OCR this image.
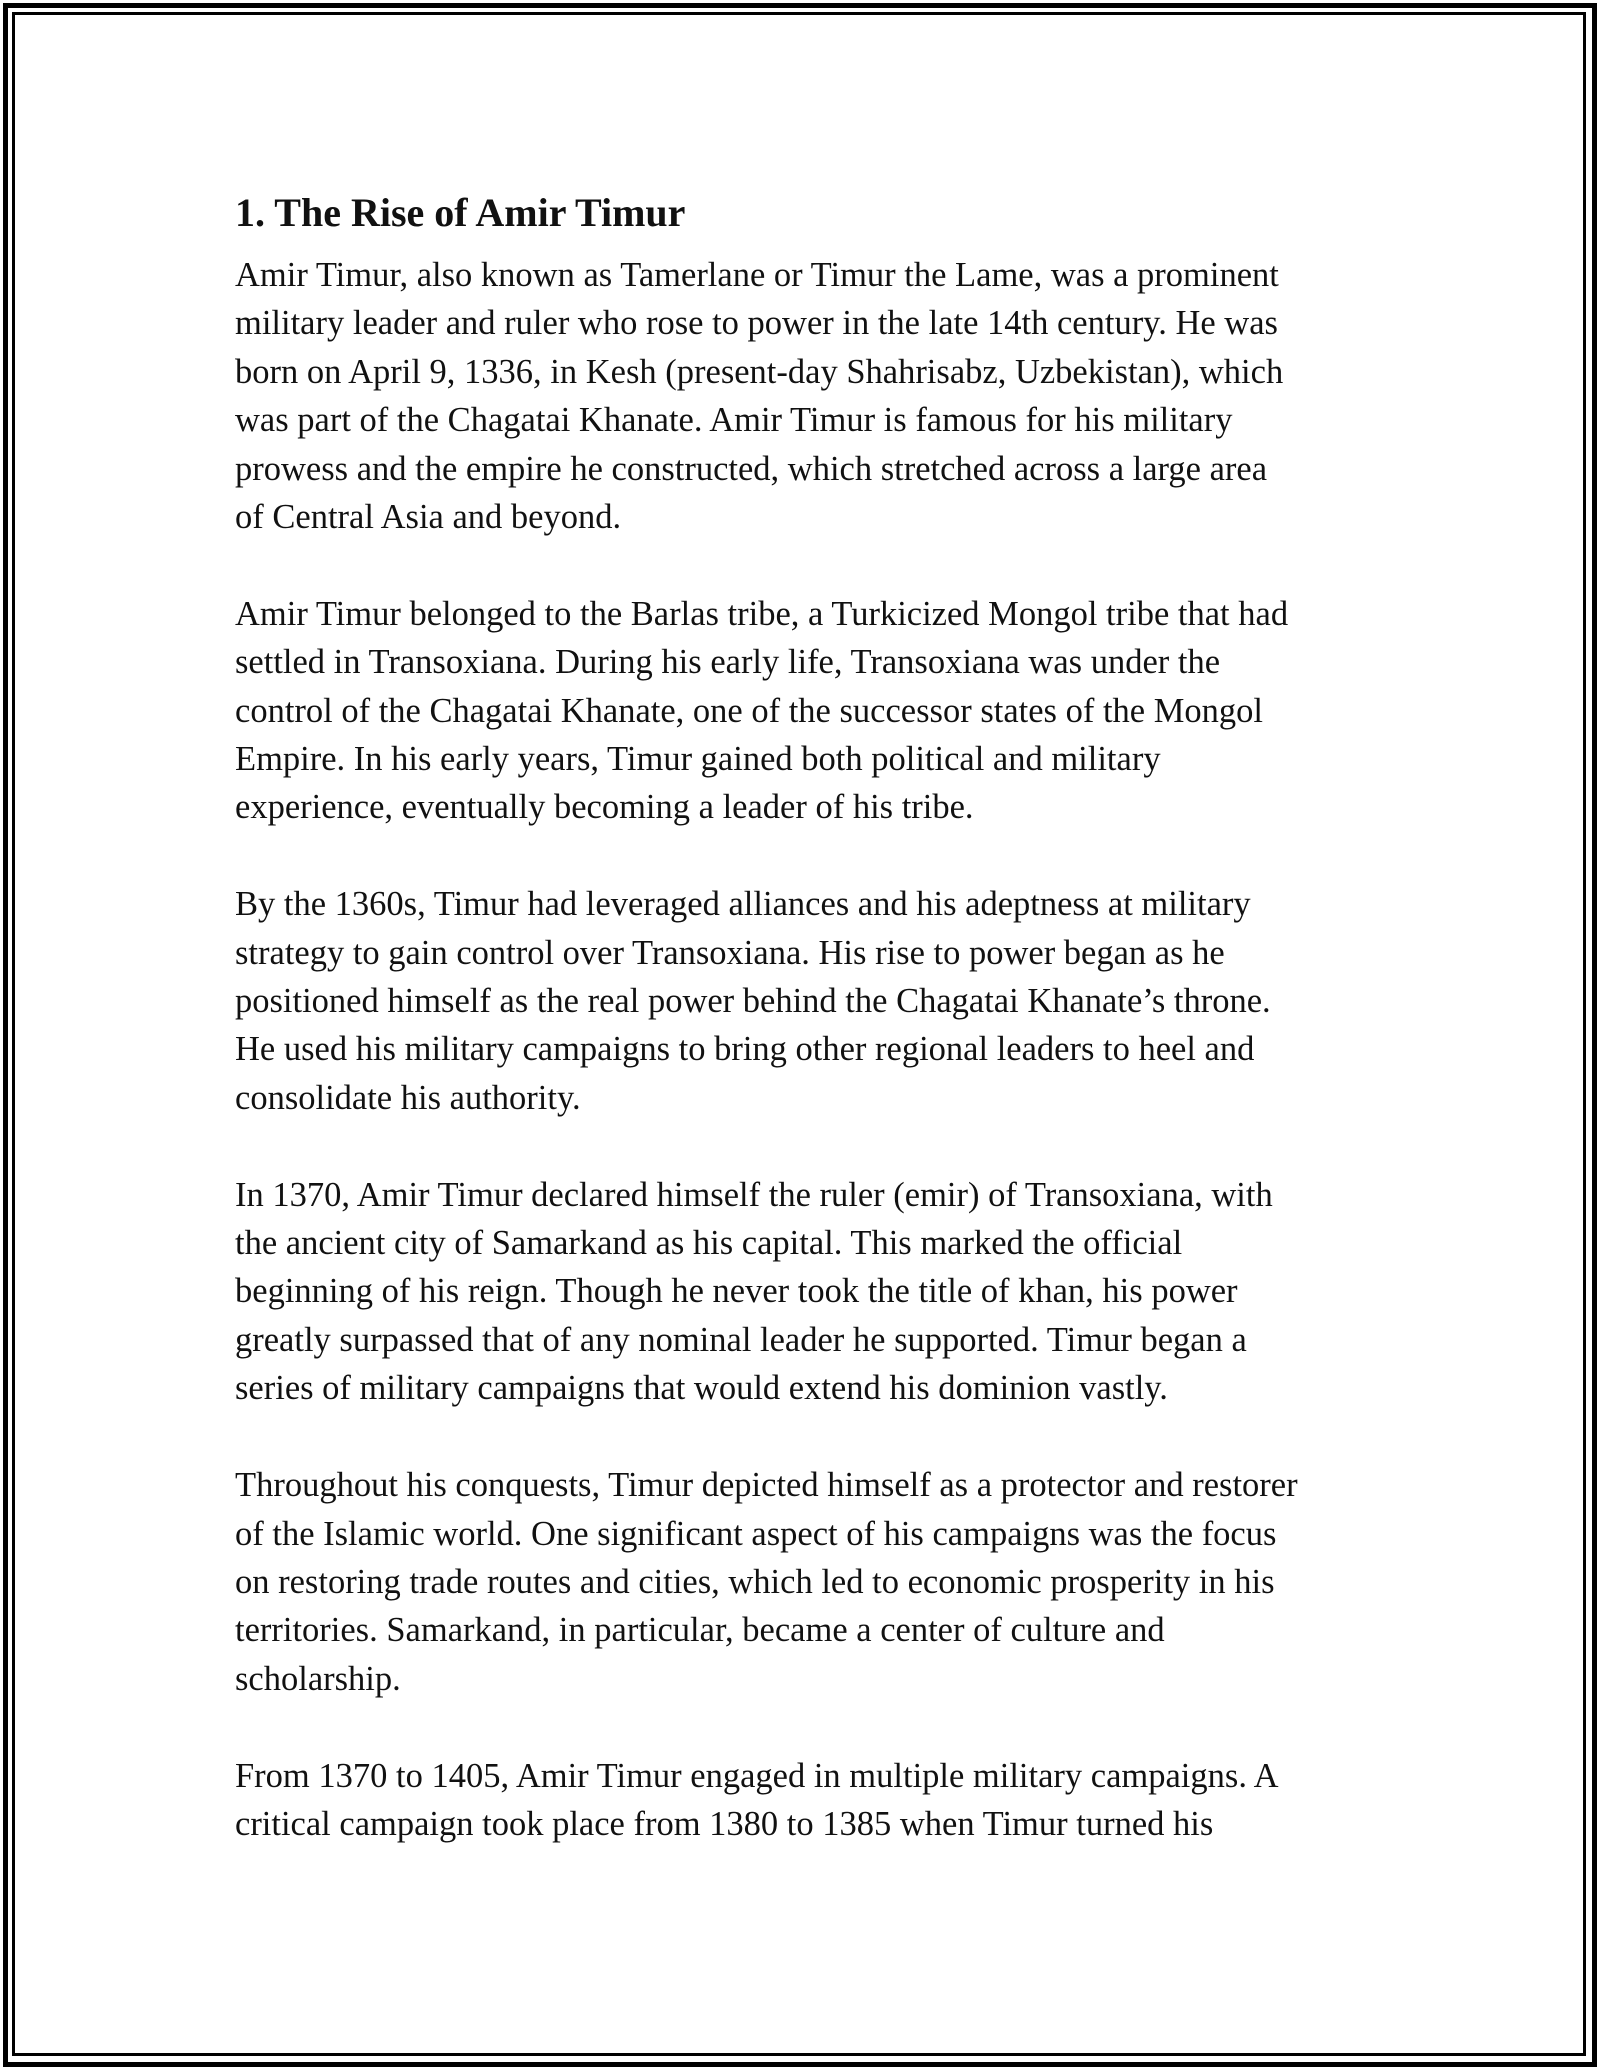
1. The Rise of Amir Timur

Amir Timur, also known as Tamerlane or Timur the Lame, was a prominent
military leader and ruler who rose to power in the late 14th century. He was
born on April 9, 1336, in Kesh (present-day Shahrisabz, Uzbekistan), which
was part of the Chagatai Khanate. Amir Timur is famous for his military
prowess and the empire he constructed, which stretched across a large area
of Central Asia and beyond.

Amir Timur belonged to the Barlas tribe, a Turkicized Mongol tribe that had
settled in Transoxiana. During his early life, Transoxiana was under the
control of the Chagatai Khanate, one of the successor states of the Mongol
Empire. In his early years, Timur gained both political and military
experience, eventually becoming a leader of his tribe.

By the 1360s, Timur had leveraged alliances and his adeptness at military
strategy to gain control over Transoxiana. His rise to power began as he
positioned himself as the real power behind the Chagatai Khanate’s throne.
He used his military campaigns to bring other regional leaders to heel and
consolidate his authority.

In 1370, Amir Timur declared himself the ruler (emir) of Transoxiana, with
the ancient city of Samarkand as his capital. This marked the official
beginning of his reign. Though he never took the title of khan, his power
greatly surpassed that of any nominal leader he supported. Timur began a
series of military campaigns that would extend his dominion vastly.

Throughout his conquests, Timur depicted himself as a protector and restorer
of the Islamic world. One significant aspect of his campaigns was the focus
on restoring trade routes and cities, which led to economic prosperity in his
territories. Samarkand, in particular, became a center of culture and
scholarship.

From 1370 to 1405, Amir Timur engaged in multiple military campaigns. A
critical campaign took place from 1380 to 1385 when Timur turned his
